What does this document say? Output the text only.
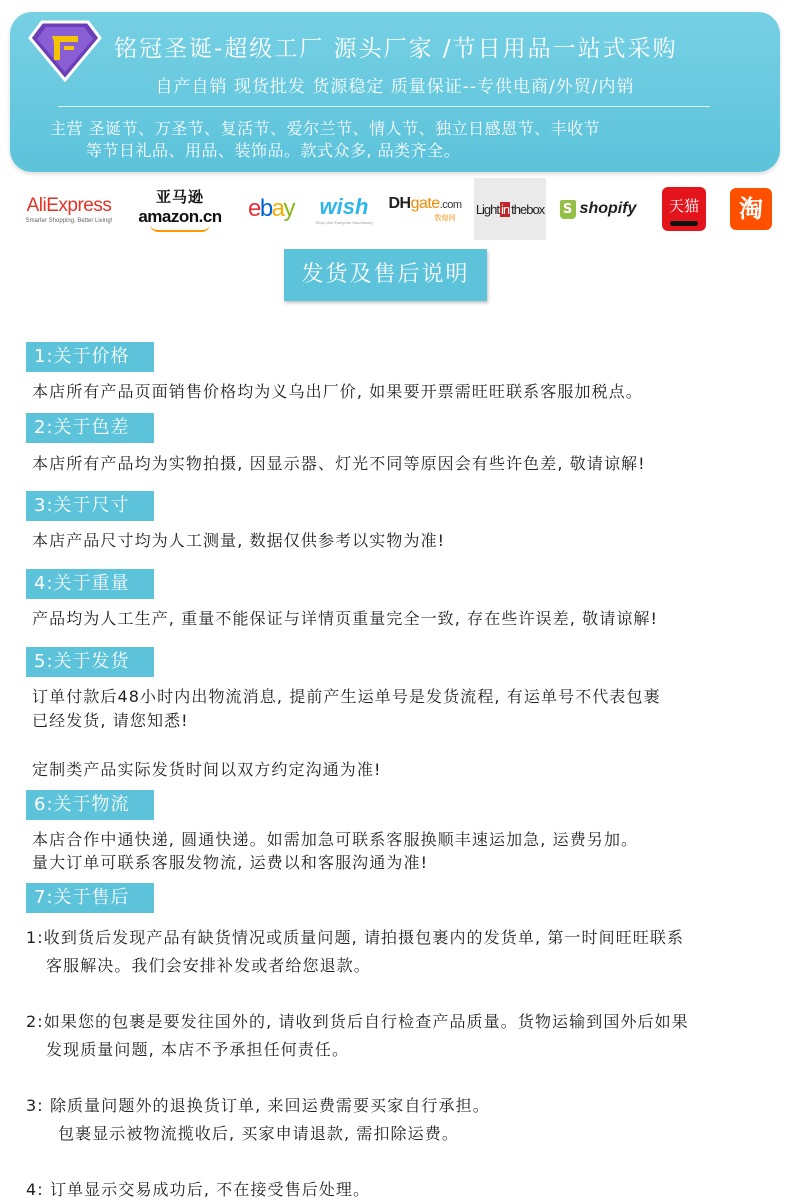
铭冠圣诞-超级工厂 源头厂家 /节日用品一站式采购
自产自销 现货批发 货源稳定 质量保证--专供电商/外贸/内销
主营 圣诞节、万圣节、复活节、爱尔兰节、情人节、独立日感恩节、丰收节
等节日礼品、用品、装饰品。款式众多, 品类齐全。
AliExpress
Smarter Shopping, Better Living!
亚马逊
amazon.cn ebay wish
Shop Like Everyone Has Money
DHgate.com
敦煌网
Light in thebox S shopify	天猫	淘
发货及售后说明
1:关于价格
本店所有产品页面销售价格均为义乌出厂价, 如果要开票需旺旺联系客服加税点。
2:关于色差
本店所有产品均为实物拍摄, 因显示器、灯光不同等原因会有些许色差, 敬请谅解!
3:关于尺寸
本店产品尺寸均为人工测量, 数据仅供参考以实物为准!
4:关于重量
产品均为人工生产, 重量不能保证与详情页重量完全一致, 存在些许误差, 敬请谅解!
5:关于发货
订单付款后48小时内出物流消息, 提前产生运单号是发货流程, 有运单号不代表包裹
已经发货, 请您知悉!
定制类产品实际发货时间以双方约定沟通为准!
6:关于物流
本店合作中通快递, 圆通快递。如需加急可联系客服换顺丰速运加急, 运费另加。
量大订单可联系客服发物流, 运费以和客服沟通为准!
7:关于售后
1:收到货后发现产品有缺货情况或质量问题, 请拍摄包裹内的发货单, 第一时间旺旺联系
客服解决。我们会安排补发或者给您退款。
2:如果您的包裹是要发往国外的, 请收到货后自行检查产品质量。货物运输到国外后如果
发现质量问题, 本店不予承担任何责任。
3: 除质量问题外的退换货订单, 来回运费需要买家自行承担。
包裹显示被物流揽收后, 买家申请退款, 需扣除运费。
4: 订单显示交易成功后, 不在接受售后处理。
